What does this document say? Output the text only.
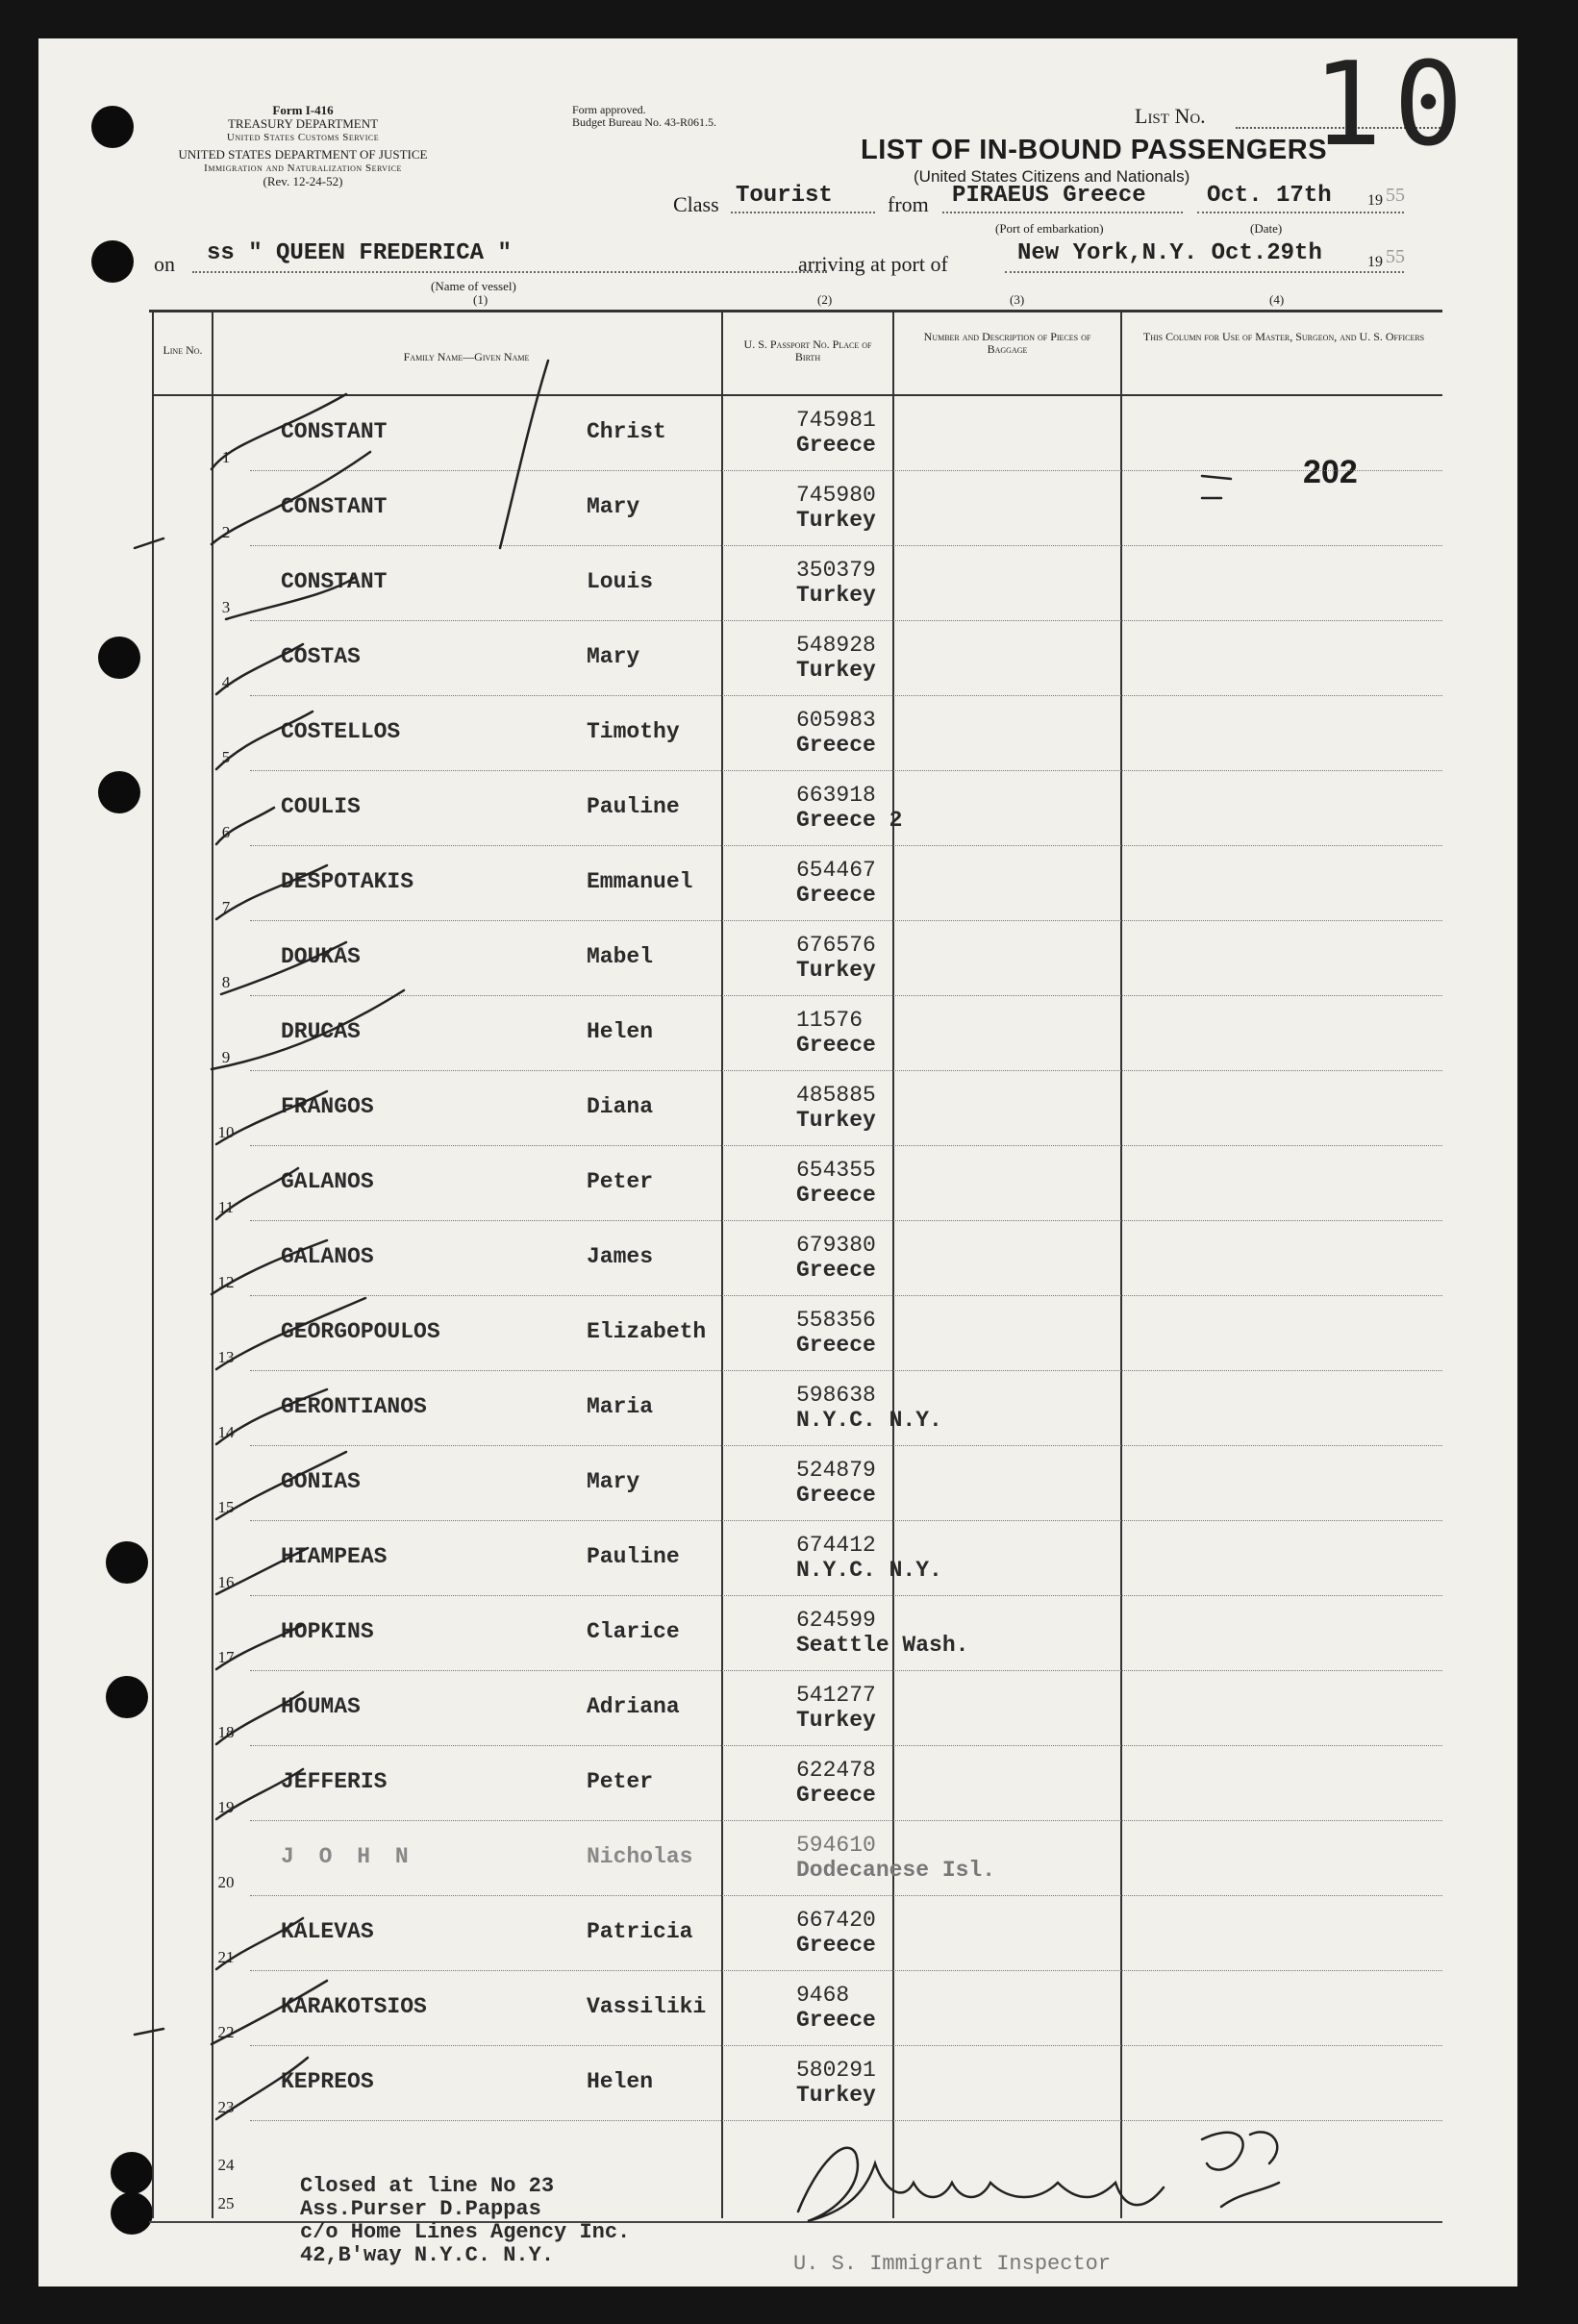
Form I-416
TREASURY DEPARTMENT
United States Customs Service
UNITED STATES DEPARTMENT OF JUSTICE
Immigration and Naturalization Service
(Rev. 12-24-52)
Form approved.
Budget Bureau No. 43-R061.5.	List No. 10
LIST OF IN-BOUND PASSENGERS
(United States Citizens and Nationals)
Class Tourist	from PIRAEUS Greece	Oct. 17th 19 55
(Port of embarkation)	(Date)
on ss " QUEEN FREDERICA "	arriving at port of	New York,N.Y. Oct.29th	19 55
(Name of vessel)
(1)	(2)	(3)	(4)
Line No.	Family Name—Given Name
U. S. Passport No. Place of Birth
Number and Description of Pieces of Baggage
This Column for Use of Master, Surgeon, and U. S. Officers
202
1
CONSTANT	Christ	745981
Greece
2
CONSTANT	Mary	745980
Turkey
3
CONSTANT	Louis	350379
Turkey
4
COSTAS	Mary	548928
Turkey
5
COSTELLOS	Timothy	605983
Greece
6
COULIS	Pauline	663918
Greece 2
7
DESPOTAKIS	Emmanuel	654467
Greece
8
DOUKAS	Mabel	676576
Turkey
9
DRUCAS	Helen	11576
Greece
10
FRANGOS	Diana	485885
Turkey
11
GALANOS	Peter	654355
Greece
12
GALANOS	James	679380
Greece
13
GEORGOPOULOS	Elizabeth	558356
Greece
14
GERONTIANOS	Maria	598638
N.Y.C. N.Y.
15
GONIAS	Mary	524879
Greece
16
HIAMPEAS	Pauline	674412
N.Y.C. N.Y.
17
HOPKINS	Clarice	624599
Seattle Wash.
18
HOUMAS	Adriana	541277
Turkey
19
JEFFERIS	Peter	622478
Greece
20
J O H N	Nicholas	594610
Dodecanese Isl.
21
KALEVAS	Patricia	667420
Greece
22
KARAKOTSIOS	Vassiliki	9468
Greece
23
KEPREOS	Helen	580291
Turkey
24
25
Closed at line No 23
Ass.Purser D.Pappas
c/o Home Lines Agency Inc.
42,B'way N.Y.C. N.Y.	U. S. Immigrant Inspector
